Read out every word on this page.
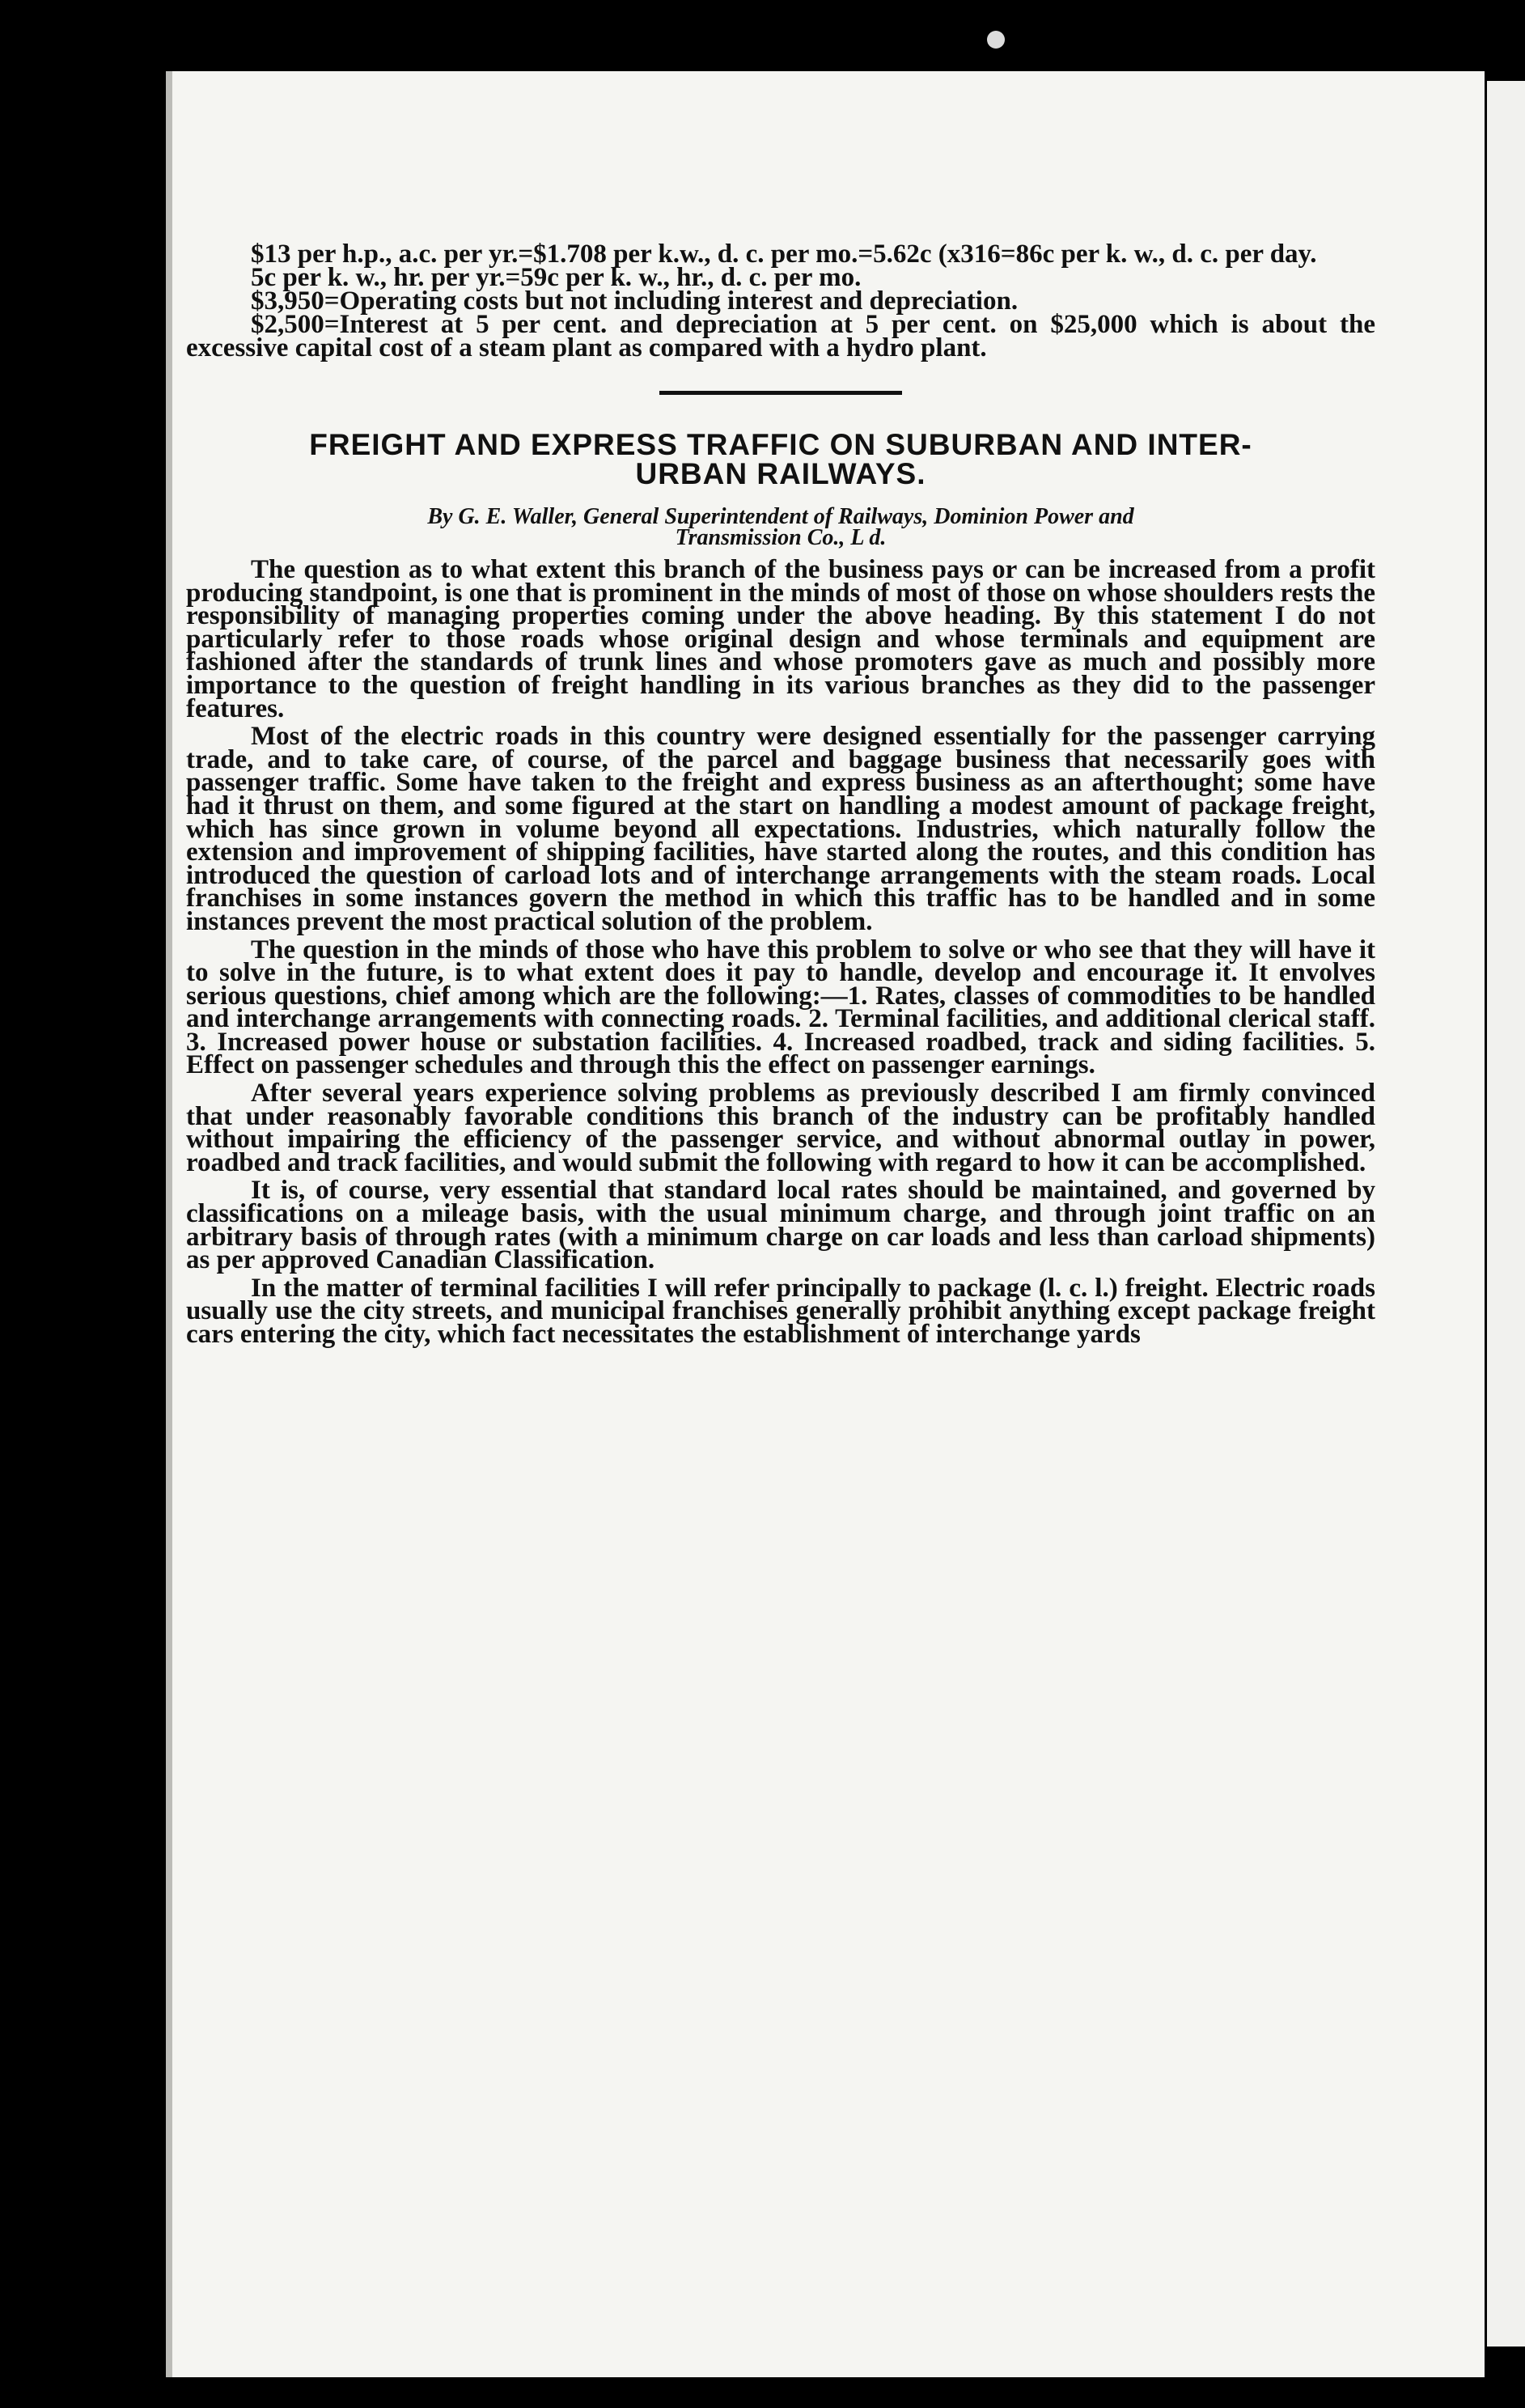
$13 per h.p., a.c. per yr.=$1.708 per k.w., d. c. per mo.=5.62c (x316=86c per k. w., d. c. per day.

5c per k. w., hr. per yr.=59c per k. w., hr., d. c. per mo.

$3,950=Operating costs but not including interest and depreciation.

$2,500=Interest at 5 per cent. and depreciation at 5 per cent. on $25,000 which is about the excessive capital cost of a steam plant as compared with a hydro plant.

FREIGHT AND EXPRESS TRAFFIC ON SUBURBAN AND INTER-
URBAN RAILWAYS.
By G. E. Waller, General Superintendent of Railways, Dominion Power and
Transmission Co., L d.

The question as to what extent this branch of the business pays or can be increased from a profit producing standpoint, is one that is prominent in the minds of most of those on whose shoulders rests the responsibility of managing properties coming under the above heading. By this statement I do not particularly refer to those roads whose original design and whose terminals and equipment are fashioned after the standards of trunk lines and whose promoters gave as much and possibly more importance to the question of freight handling in its various branches as they did to the passenger features.

Most of the electric roads in this country were designed essentially for the passenger carrying trade, and to take care, of course, of the parcel and baggage business that necessarily goes with passenger traffic. Some have taken to the freight and express business as an afterthought; some have had it thrust on them, and some figured at the start on handling a modest amount of package freight, which has since grown in volume beyond all expectations. Industries, which naturally follow the extension and improvement of shipping facilities, have started along the routes, and this condition has introduced the question of carload lots and of interchange arrangements with the steam roads. Local franchises in some instances govern the method in which this traffic has to be handled and in some instances prevent the most practical solution of the problem.

The question in the minds of those who have this problem to solve or who see that they will have it to solve in the future, is to what extent does it pay to handle, develop and encourage it. It envolves serious questions, chief among which are the following:—1. Rates, classes of commodities to be handled and interchange arrangements with connecting roads. 2. Terminal facilities, and additional clerical staff. 3. Increased power house or substation facilities. 4. Increased roadbed, track and siding facilities. 5. Effect on passenger schedules and through this the effect on passenger earnings.

After several years experience solving problems as previously described I am firmly convinced that under reasonably favorable conditions this branch of the industry can be profitably handled without impairing the efficiency of the passenger service, and without abnormal outlay in power, roadbed and track facilities, and would submit the following with regard to how it can be accomplished.

It is, of course, very essential that standard local rates should be maintained, and governed by classifications on a mileage basis, with the usual minimum charge, and through joint traffic on an arbitrary basis of through rates (with a minimum charge on car loads and less than carload shipments) as per approved Canadian Classification.

In the matter of terminal facilities I will refer principally to package (l. c. l.) freight. Electric roads usually use the city streets, and municipal franchises generally prohibit anything except package freight cars entering the city, which fact necessitates the establishment of interchange yards
